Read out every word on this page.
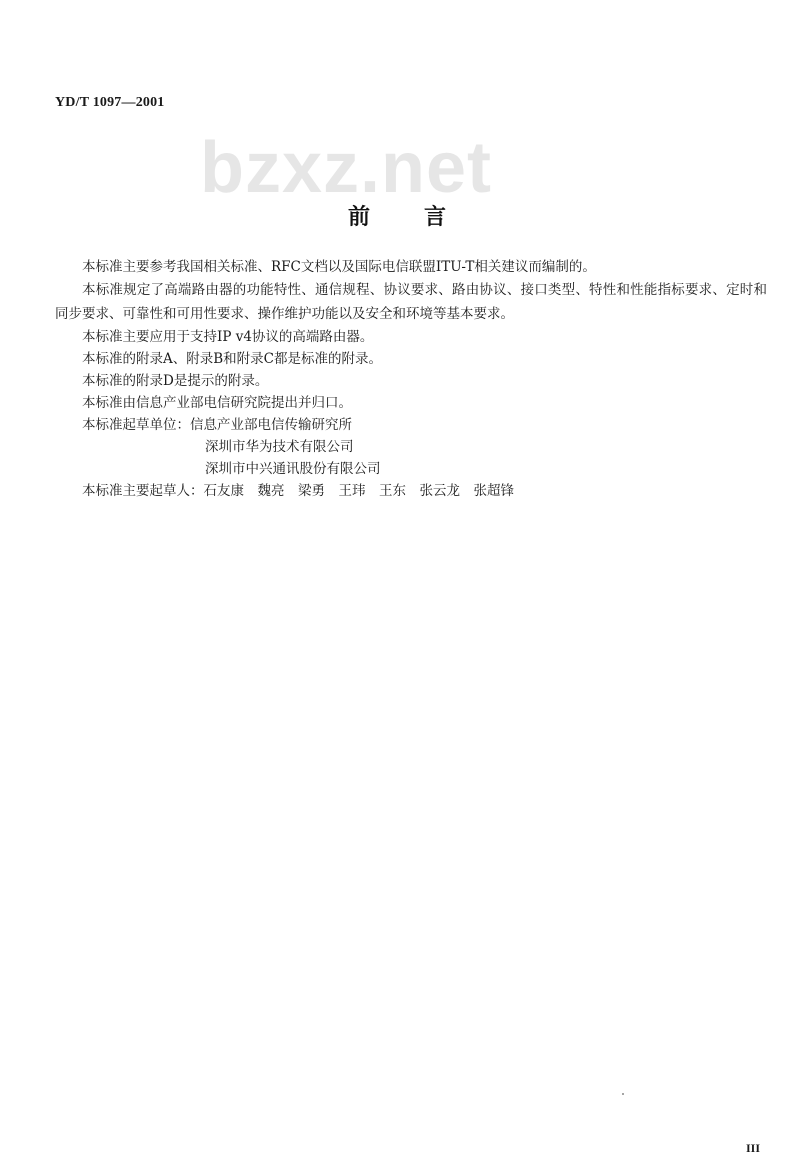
YD/T 1097—2001
bzxz.net
前言

本标准主要参考我国相关标准、RFC文档以及国际电信联盟ITU-T相关建议而编制的。

本标准规定了高端路由器的功能特性、通信规程、协议要求、路由协议、接口类型、特性和性能指标要求、定时和同步要求、可靠性和可用性要求、操作维护功能以及安全和环境等基本要求。

本标准主要应用于支持IP v4协议的高端路由器。

本标准的附录A、附录B和附录C都是标准的附录。

本标准的附录D是提示的附录。

本标准由信息产业部电信研究院提出并归口。

本标准起草单位：信息产业部电信传输研究所

深圳市华为技术有限公司

深圳市中兴通讯股份有限公司

本标准主要起草人：石友康　魏亮　梁勇　王玮　王东　张云龙　张超锋

III
